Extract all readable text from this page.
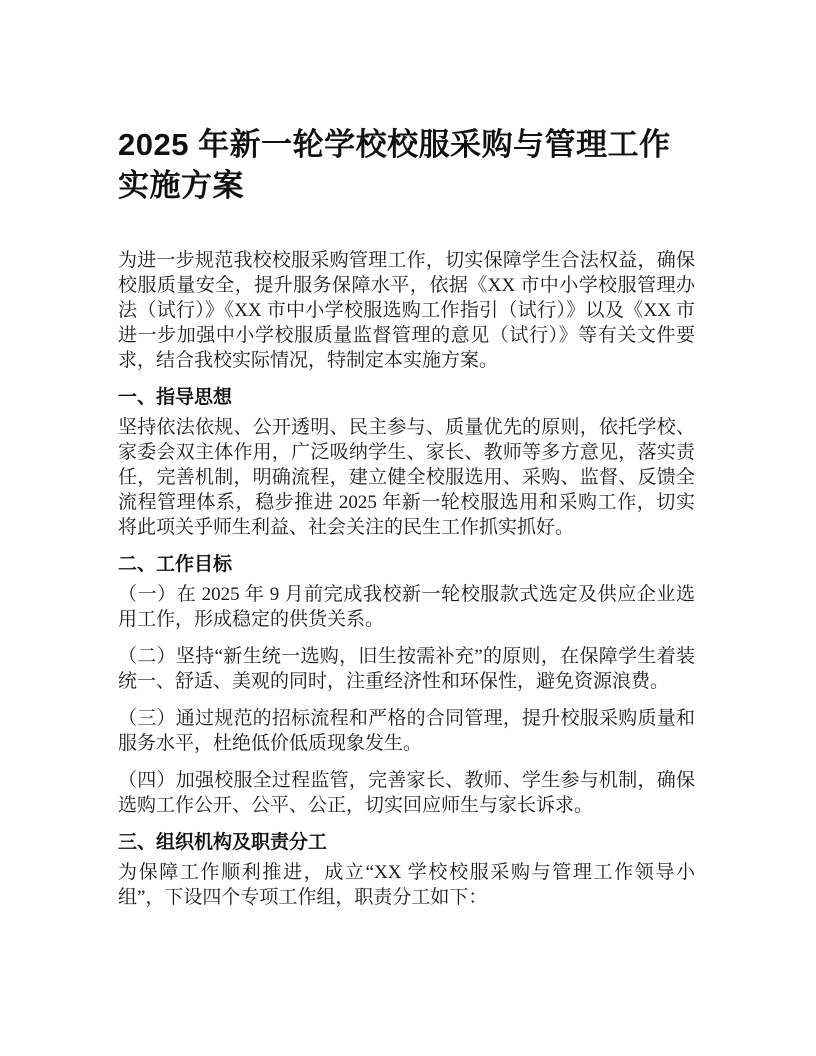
2025 年新一轮学校校服采购与管理工作实施方案

为进一步规范我校校服采购管理工作，切实保障学生合法权益，确保校服质量安全，提升服务保障水平，依据《XX 市中小学校服管理办法（试行）》《XX 市中小学校服选购工作指引（试行）》以及《XX 市进一步加强中小学校服质量监督管理的意见（试行）》等有关文件要求，结合我校实际情况，特制定本实施方案。

一、指导思想

坚持依法依规、公开透明、民主参与、质量优先的原则，依托学校、家委会双主体作用，广泛吸纳学生、家长、教师等多方意见，落实责任，完善机制，明确流程，建立健全校服选用、采购、监督、反馈全流程管理体系，稳步推进 2025 年新一轮校服选用和采购工作，切实将此项关乎师生利益、社会关注的民生工作抓实抓好。

二、工作目标

（一）在 2025 年 9 月前完成我校新一轮校服款式选定及供应企业选用工作，形成稳定的供货关系。

（二）坚持“新生统一选购，旧生按需补充”的原则，在保障学生着装统一、舒适、美观的同时，注重经济性和环保性，避免资源浪费。

（三）通过规范的招标流程和严格的合同管理，提升校服采购质量和服务水平，杜绝低价低质现象发生。

（四）加强校服全过程监管，完善家长、教师、学生参与机制，确保选购工作公开、公平、公正，切实回应师生与家长诉求。

三、组织机构及职责分工

为保障工作顺利推进，成立“XX 学校校服采购与管理工作领导小组”，下设四个专项工作组，职责分工如下：
